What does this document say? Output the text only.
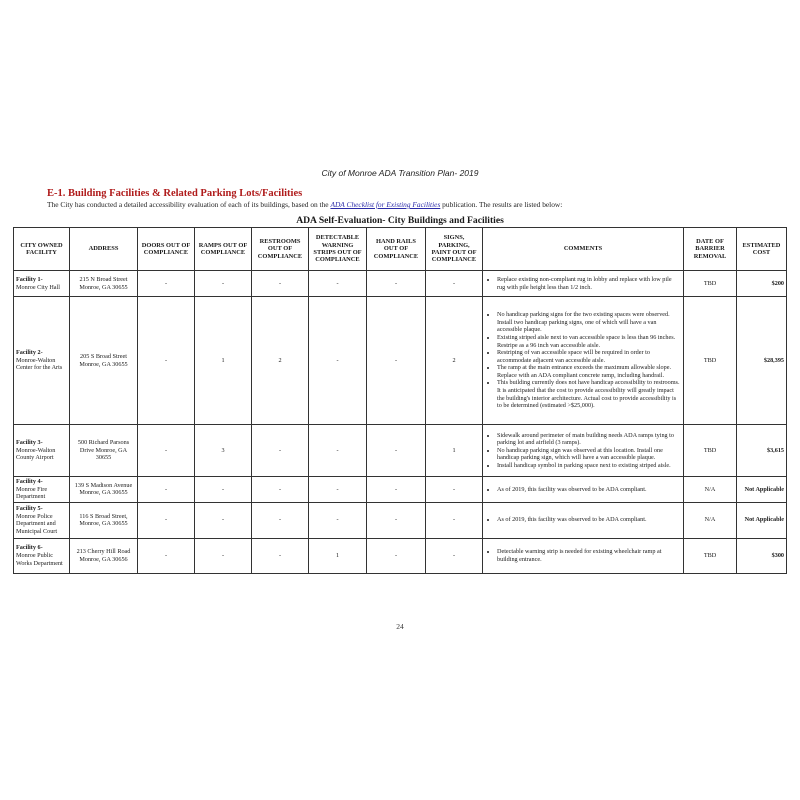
City of Monroe ADA Transition Plan- 2019
E-1. Building Facilities & Related Parking Lots/Facilities
The City has conducted a detailed accessibility evaluation of each of its buildings, based on the ADA Checklist for Existing Facilities publication. The results are listed below:
ADA Self-Evaluation- City Buildings and Facilities
CITY OWNED FACILITY	ADDRESS	DOORS OUT OF COMPLIANCE	RAMPS OUT OF COMPLIANCE	RESTROOMS OUT OF COMPLIANCE	DETECTABLE WARNING STRIPS OUT OF COMPLIANCE	HAND RAILS OUT OF COMPLIANCE	SIGNS, PARKING, PAINT OUT OF COMPLIANCE	COMMENTS	DATE OF BARRIER REMOVAL	ESTIMATED COST

Facility 1-
Monroe City Hall	215 N Broad Street Monroe, GA 30655	-	-	-	-	-	-	
• Replace existing non-compliant rug in lobby and replace with low pile rug with pile height less than 1/2 inch.
	TBD	$200

Facility 2-
Monroe-Walton Center for the Arts	205 S Broad Street Monroe, GA 30655	-	1	2	-	-	2	
• No handicap parking signs for the two existing spaces were observed. Install two handicap parking signs, one of which will have a van accessible plaque.
• Existing striped aisle next to van accessible space is less than 96 inches. Restripe as a 96 inch van accessible aisle.
• Restriping of van accessible space will be required in order to accommodate adjacent van accessible aisle.
• The ramp at the main entrance exceeds the maximum allowable slope. Replace with an ADA compliant concrete ramp, including handrail.
• This building currently does not have handicap accessibility to restrooms. It is anticipated that the cost to provide accessibility will greatly impact the building's interior architecture. Actual cost to provide accessibility is to be determined (estimated >$25,000).
	TBD	$28,395

Facility 3-
Monroe-Walton County Airport	500 Richard Parsons Drive Monroe, GA 30655	-	3	-	-	-	1	
• Sidewalk around perimeter of main building needs ADA ramps tying to parking lot and airfield (3 ramps).
• No handicap parking sign was observed at this location. Install one handicap parking sign, which will have a van accessible plaque.
• Install handicap symbol in parking space next to existing striped aisle.
	TBD	$3,615

Facility 4-
Monroe Fire Department	139 S Madison Avenue Monroe, GA 30655	-	-	-	-	-	-	
•As of 2019, this facility was observed to be ADA compliant.	N/A	Not Applicable

Facility 5-
Monroe Police Department and Municipal Court	116 S Broad Street, Monroe, GA 30655	-	-	-	-	-	-	
•As of 2019, this facility was observed to be ADA compliant.	N/A	Not Applicable

Facility 6-
Monroe Public Works Department	213 Cherry Hill Road Monroe, GA 30656	-	-	-	1	-	-	
• Detectable warning strip is needed for existing wheelchair ramp at building entrance.
	TBD	$300
24
